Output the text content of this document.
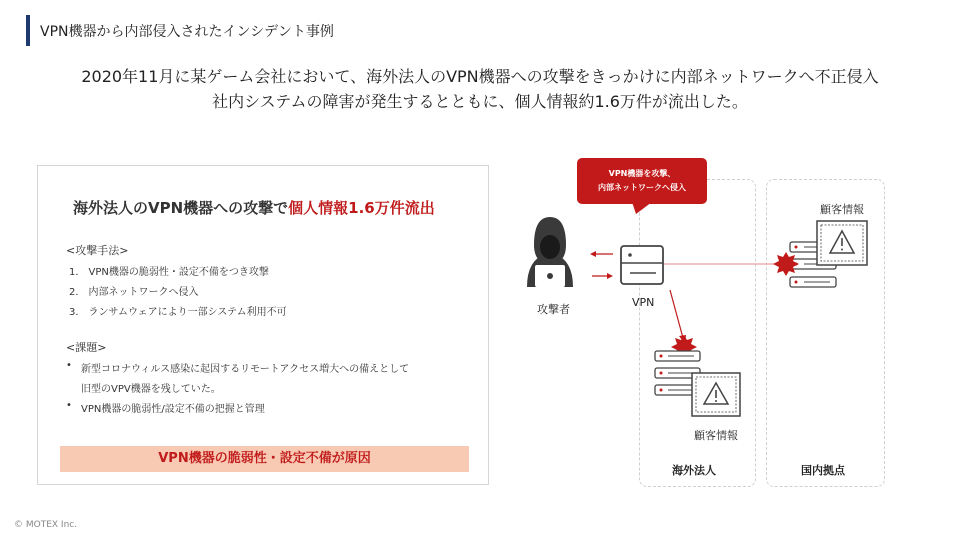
VPN機器から内部侵入されたインシデント事例
2020年11月に某ゲーム会社において、海外法人のVPN機器への攻撃をきっかけに内部ネットワークへ不正侵入
社内システムの障害が発生するとともに、個人情報約1.6万件が流出した。
海外法人のVPN機器への攻撃で個人情報1.6万件流出
<攻撃手法>
1． VPN機器の脆弱性・設定不備をつき攻撃
2． 内部ネットワークへ侵入
3． ランサムウェアにより一部システム利用不可
<課題>
• 新型コロナウィルス感染に起因するリモートアクセス増大への備えとして
旧型のVPV機器を残していた。
• VPN機器の脆弱性/設定不備の把握と管理
VPN機器の脆弱性・設定不備が原因
VPN機器を攻撃、
内部ネットワークへ侵入
攻撃者
VPN
顧客情報
顧客情報
海外法人	国内拠点
© MOTEX Inc.
